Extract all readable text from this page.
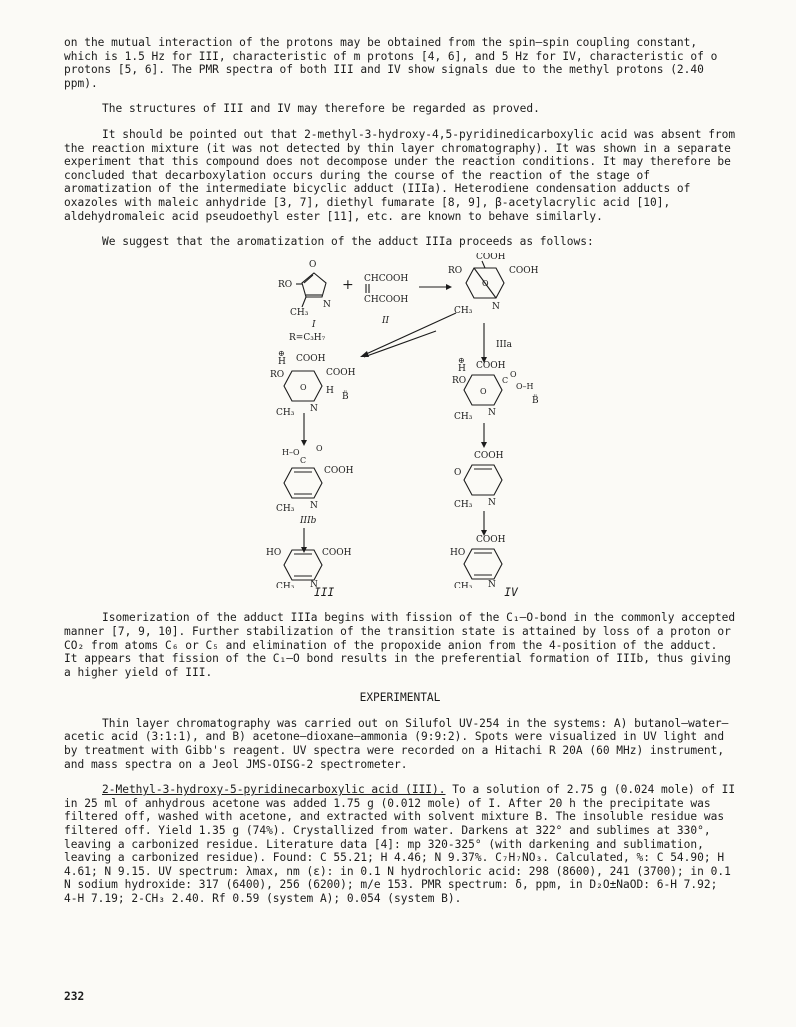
on the mutual interaction of the protons may be obtained from the spin—spin coupling constant, which is 1.5 Hz for III, characteristic of m protons [4, 6], and 5 Hz for IV, characteristic of o protons [5, 6]. The PMR spectra of both III and IV show signals due to the methyl protons (2.40 ppm).

The structures of III and IV may therefore be regarded as proved.

It should be pointed out that 2-methyl-3-hydroxy-4,5-pyridinedicarboxylic acid was absent from the reaction mixture (it was not detected by thin layer chromatography). It was shown in a separate experiment that this compound does not decompose under the reaction conditions. It may therefore be concluded that decarboxylation occurs during the course of the reaction of the stage of aromatization of the intermediate bicyclic adduct (IIIa). Heterodiene condensation adducts of oxazoles with maleic anhydride [3, 7], diethyl fumarate [8, 9], β-acetylacrylic acid [10], aldehydromaleic acid pseudoethyl ester [11], etc. are known to behave similarly.

We suggest that the aromatization of the adduct IIIa proceeds as follows:

O
N
RO
CH₃
I
+ CHCOOH
CHCOOH
II
COOH
COOH
RO
O
N
CH₃
IIIa
R=C₃H₇
⊕
H COOH
COOH
RO
O H
B̈
N
CH₃
⊕
H COOH
RO
O
C
O
O–H
B̈
N
CH₃
H–O
C
O
COOH
N
CH₃
IIIb
COOH
O
N
CH₃
HO	COOH
N
CH₃
COOH
HO
N
CH₃

III	IV

Isomerization of the adduct IIIa begins with fission of the C₁—O-bond in the commonly accepted manner [7, 9, 10]. Further stabilization of the transition state is attained by loss of a proton or CO₂ from atoms C₆ or C₅ and elimination of the propoxide anion from the 4-position of the adduct. It appears that fission of the C₁—O bond results in the preferential formation of IIIb, thus giving a higher yield of III.

EXPERIMENTAL

Thin layer chromatography was carried out on Silufol UV-254 in the systems: A) butanol—water—acetic acid (3:1:1), and B) acetone—dioxane—ammonia (9:9:2). Spots were visualized in UV light and by treatment with Gibb's reagent. UV spectra were recorded on a Hitachi R 20A (60 MHz) instrument, and mass spectra on a Jeol JMS-OISG-2 spectrometer.

2-Methyl-3-hydroxy-5-pyridinecarboxylic acid (III). To a solution of 2.75 g (0.024 mole) of II in 25 ml of anhydrous acetone was added 1.75 g (0.012 mole) of I. After 20 h the precipitate was filtered off, washed with acetone, and extracted with solvent mixture B. The insoluble residue was filtered off. Yield 1.35 g (74%). Crystallized from water. Darkens at 322° and sublimes at 330°, leaving a carbonized residue. Literature data [4]: mp 320-325° (with darkening and sublimation, leaving a carbonized residue). Found: C 55.21; H 4.46; N 9.37%. C₇H₇NO₃. Calculated, %: C 54.90; H 4.61; N 9.15. UV spectrum: λmax, nm (ε): in 0.1 N hydrochloric acid: 298 (8600), 241 (3700); in 0.1 N sodium hydroxide: 317 (6400), 256 (6200); m/e 153. PMR spectrum: δ, ppm, in D₂O±NaOD: 6-H 7.92; 4-H 7.19; 2-CH₃ 2.40. Rf 0.59 (system A); 0.054 (system B).

232
